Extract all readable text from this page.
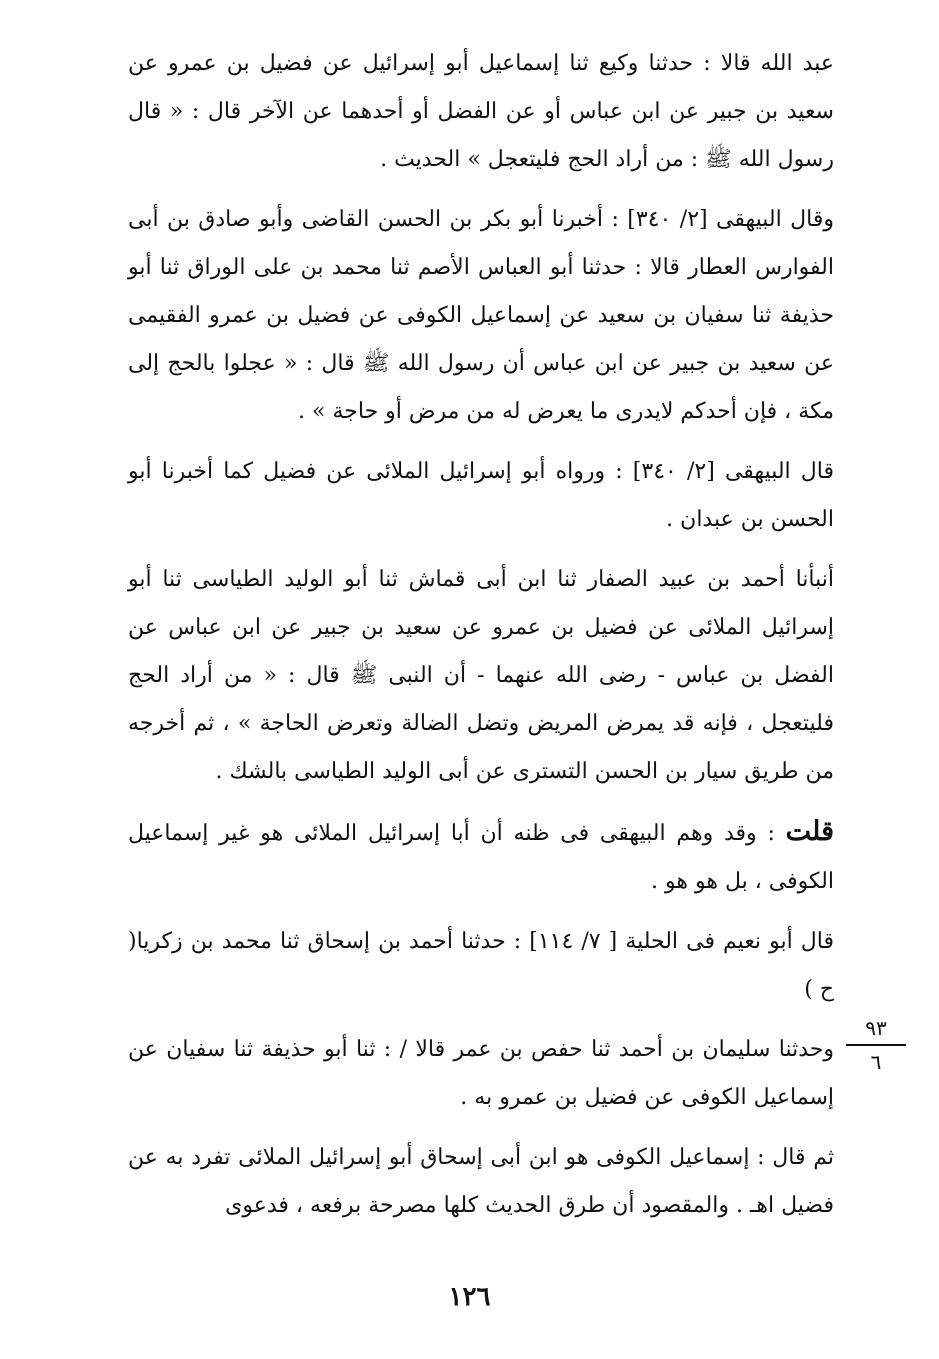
عبد الله قالا : حدثنا وكيع ثنا إسماعيل أبو إسرائيل عن فضيل بن عمرو عن سعيد بن جبير عن ابن عباس أو عن الفضل أو أحدهما عن الآخر قال : « قال رسول الله ﷺ : من أراد الحج فليتعجل » الحديث .

وقال البيهقى [٢/ ٣٤٠] : أخبرنا أبو بكر بن الحسن القاضى وأبو صادق بن أبى الفوارس العطار قالا : حدثنا أبو العباس الأصم ثنا محمد بن على الوراق ثنا أبو حذيفة ثنا سفيان بن سعيد عن إسماعيل الكوفى عن فضيل بن عمرو الفقيمى عن سعيد بن جبير عن ابن عباس أن رسول الله ﷺ قال : « عجلوا بالحج إلى مكة ، فإن أحدكم لايدرى ما يعرض له من مرض أو حاجة » .

قال البيهقى [٢/ ٣٤٠] : ورواه أبو إسرائيل الملائى عن فضيل كما أخبرنا أبو الحسن بن عبدان .

أنبأنا أحمد بن عبيد الصفار ثنا ابن أبى قماش ثنا أبو الوليد الطياسى ثنا أبو إسرائيل الملائى عن فضيل بن عمرو عن سعيد بن جبير عن ابن عباس عن الفضل بن عباس - رضى الله عنهما - أن النبى ﷺ قال : « من أراد الحج فليتعجل ، فإنه قد يمرض المريض وتضل الضالة وتعرض الحاجة » ، ثم أخرجه من طريق سيار بن الحسن التسترى عن أبى الوليد الطياسى بالشك .

قلت : وقد وهم البيهقى فى ظنه أن أبا إسرائيل الملائى هو غير إسماعيل الكوفى ، بل هو هو .

قال أبو نعيم فى الحلية [ ٧/ ١١٤] : حدثنا أحمد بن إسحاق ثنا محمد بن زكريا( ح )

وحدثنا سليمان بن أحمد ثنا حفص بن عمر قالا / : ثنا أبو حذيفة ثنا سفيان عن إسماعيل الكوفى عن فضيل بن عمرو به .

ثم قال : إسماعيل الكوفى هو ابن أبى إسحاق أبو إسرائيل الملائى تفرد به عن فضيل اهـ . والمقصود أن طرق الحديث كلها مصرحة برفعه ، فدعوى

٩٣
٦
١٢٦
